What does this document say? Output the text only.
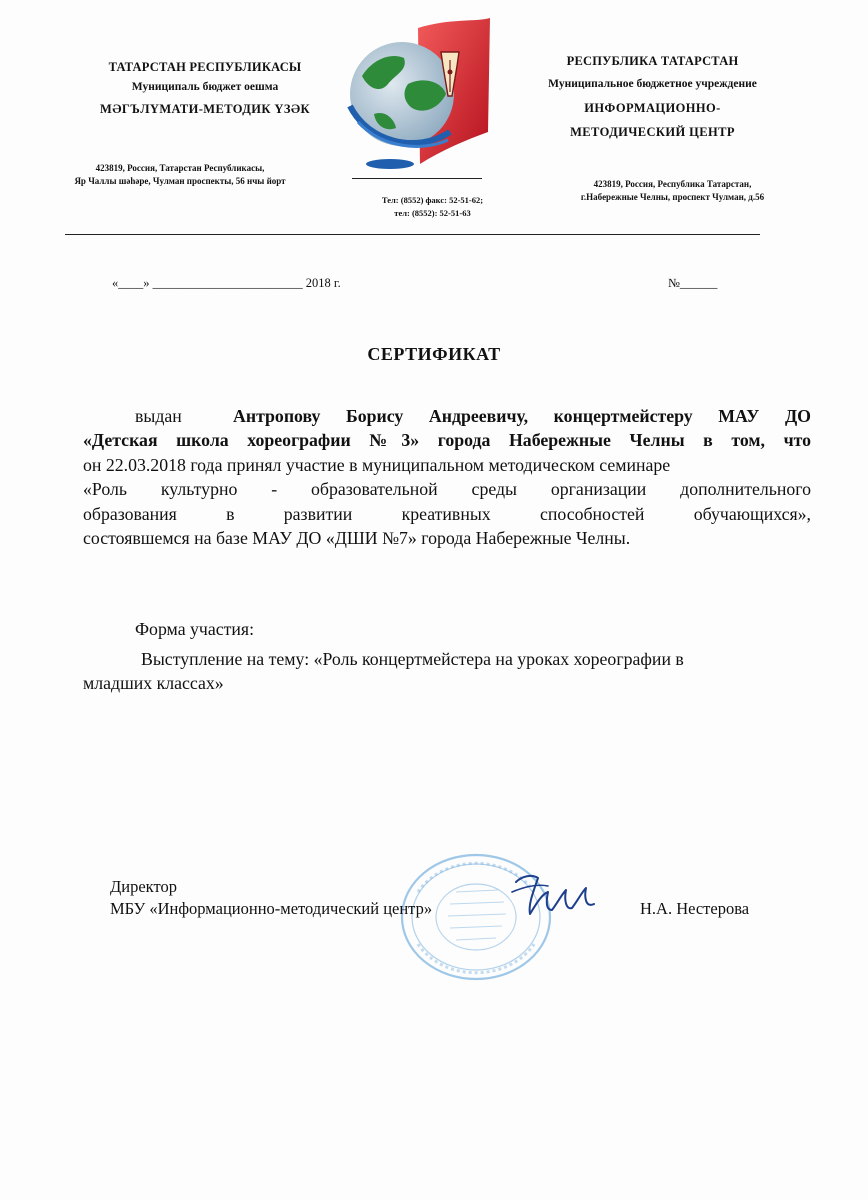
ТАТАРСТАН РЕСПУБЛИКАСЫ
Муниципаль бюджет оешма
МӘГЪЛҮМАТИ-МЕТОДИК ҮЗӘК
423819, Россия, Татарстан Республикасы,
Яр Чаллы шәһәре, Чулман проспекты, 56 нчы йорт
Тел: (8552) факс: 52-51-62;
тел: (8552): 52-51-63
РЕСПУБЛИКА ТАТАРСТАН
Муниципальное бюджетное учреждение
ИНФОРМАЦИОННО-
МЕТОДИЧЕСКИЙ ЦЕНТР
423819, Россия, Республика Татарстан,
г.Набережные Челны, проспект Чулман, д.56
«____» ________________________ 2018 г.	№______
СЕРТИФИКАТ
выдан	Антропову Борису Андреевичу, концертмейстеру МАУ ДО
«Детская школа хореографии №3» города Набережные Челны в том, что
он 22.03.2018 года принял участие в муниципальном методическом семинаре
«Роль культурно - образовательной среды организации дополнительного
образования в развитии креативных способностей обучающихся»,
состоявшемся на базе МАУ ДО «ДШИ №7» города Набережные Челны.
Форма участия:
Выступление на тему: «Роль концертмейстера на уроках хореографии в
младших классах»
Директор
МБУ «Информационно-методический центр»	Н.А. Нестерова
